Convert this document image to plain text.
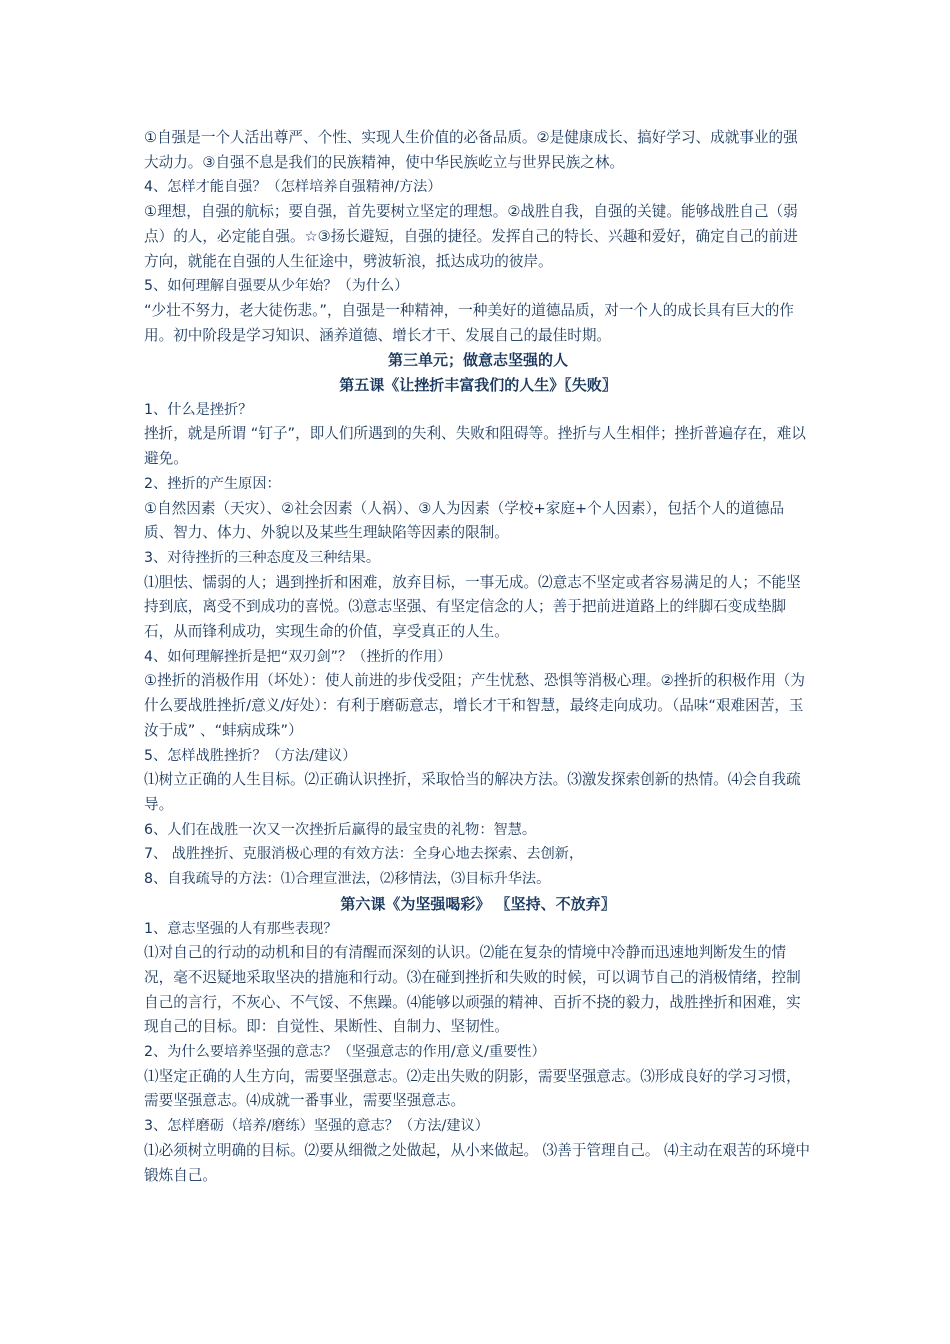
①自强是一个人活出尊严、个性、实现人生价值的必备品质。②是健康成长、搞好学习、成就事业的强大动力。③自强不息是我们的民族精神，使中华民族屹立与世界民族之林。

4、怎样才能自强？（怎样培养自强精神/方法）

①理想，自强的航标；要自强，首先要树立坚定的理想。②战胜自我，自强的关键。能够战胜自己（弱点）的人，必定能自强。☆③扬长避短，自强的捷径。发挥自己的特长、兴趣和爱好，确定自己的前进方向，就能在自强的人生征途中，劈波斩浪，抵达成功的彼岸。

5、如何理解自强要从少年始？（为什么）

“少壮不努力，老大徒伤悲。”，自强是一种精神，一种美好的道德品质，对一个人的成长具有巨大的作用。初中阶段是学习知识、涵养道德、增长才干、发展自己的最佳时期。

第三单元；做意志坚强的人

第五课《让挫折丰富我们的人生》〖失败〗

1、什么是挫折？

挫折，就是所谓 “钉子”，即人们所遇到的失利、失败和阻碍等。挫折与人生相伴；挫折普遍存在，难以避免。

2、挫折的产生原因：

①自然因素（天灾）、②社会因素（人祸）、③人为因素（学校+家庭+个人因素），包括个人的道德品质、智力、体力、外貌以及某些生理缺陷等因素的限制。

3、对待挫折的三种态度及三种结果。

⑴胆怯、懦弱的人；遇到挫折和困难，放弃目标，一事无成。⑵意志不坚定或者容易满足的人；不能坚持到底，离受不到成功的喜悦。⑶意志坚强、有坚定信念的人；善于把前进道路上的绊脚石变成垫脚石，从而锋利成功，实现生命的价值，享受真正的人生。

4、如何理解挫折是把“双刃剑”？（挫折的作用）

①挫折的消极作用（坏处）：使人前进的步伐受阻；产生忧愁、恐惧等消极心理。②挫折的积极作用（为什么要战胜挫折/意义/好处）：有利于磨砺意志，增长才干和智慧，最终走向成功。（品味“艰难困苦，玉汝于成” 、“蚌病成珠”）

5、怎样战胜挫折？（方法/建议）

⑴树立正确的人生目标。⑵正确认识挫折，采取恰当的解决方法。⑶激发探索创新的热情。⑷会自我疏导。

6、人们在战胜一次又一次挫折后赢得的最宝贵的礼物：智慧。

7、 战胜挫折、克服消极心理的有效方法：全身心地去探索、去创新，

8、自我疏导的方法：⑴合理宣泄法，⑵移情法，⑶目标升华法。

第六课《为坚强喝彩》 〖坚持、不放弃〗

1、意志坚强的人有那些表现？

⑴对自己的行动的动机和目的有清醒而深刻的认识。⑵能在复杂的情境中冷静而迅速地判断发生的情况，毫不迟疑地采取坚决的措施和行动。⑶在碰到挫折和失败的时候，可以调节自己的消极情绪，控制自己的言行，不灰心、不气馁、不焦躁。⑷能够以顽强的精神、百折不挠的毅力，战胜挫折和困难，实现自己的目标。即：自觉性、果断性、自制力、坚韧性。

2、为什么要培养坚强的意志？（坚强意志的作用/意义/重要性）

⑴坚定正确的人生方向，需要坚强意志。⑵走出失败的阴影，需要坚强意志。⑶形成良好的学习习惯，需要坚强意志。⑷成就一番事业，需要坚强意志。

3、怎样磨砺（培养/磨练）坚强的意志？（方法/建议）

⑴必须树立明确的目标。⑵要从细微之处做起，从小来做起。 ⑶善于管理自己。 ⑷主动在艰苦的环境中锻炼自己。
